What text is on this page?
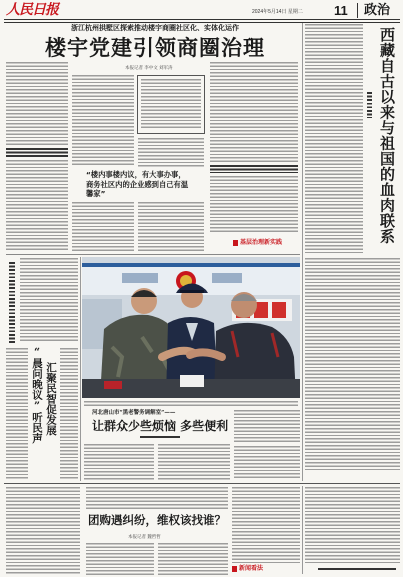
人民日报	2024年5月14日 星期二 11	政治
浙江杭州拱墅区探索推动楼宇商圈社区化、实体化运作
楼宇党建引领商圈治理
本报记者 李中文 刘军涛
“楼内事楼内议，有大事办事，商务社区内的企业感到自己有温馨家”
基层治理新实践	西藏自古以来与祖国的血肉联系
“晨问晚议”听民声 汇聚民智促发展	河北唐山市“黑老警务调解室”——
让群众少些烦恼 多些便利
团购遇纠纷，维权该找谁？
本报记者 魏哲哲
新闻看法
